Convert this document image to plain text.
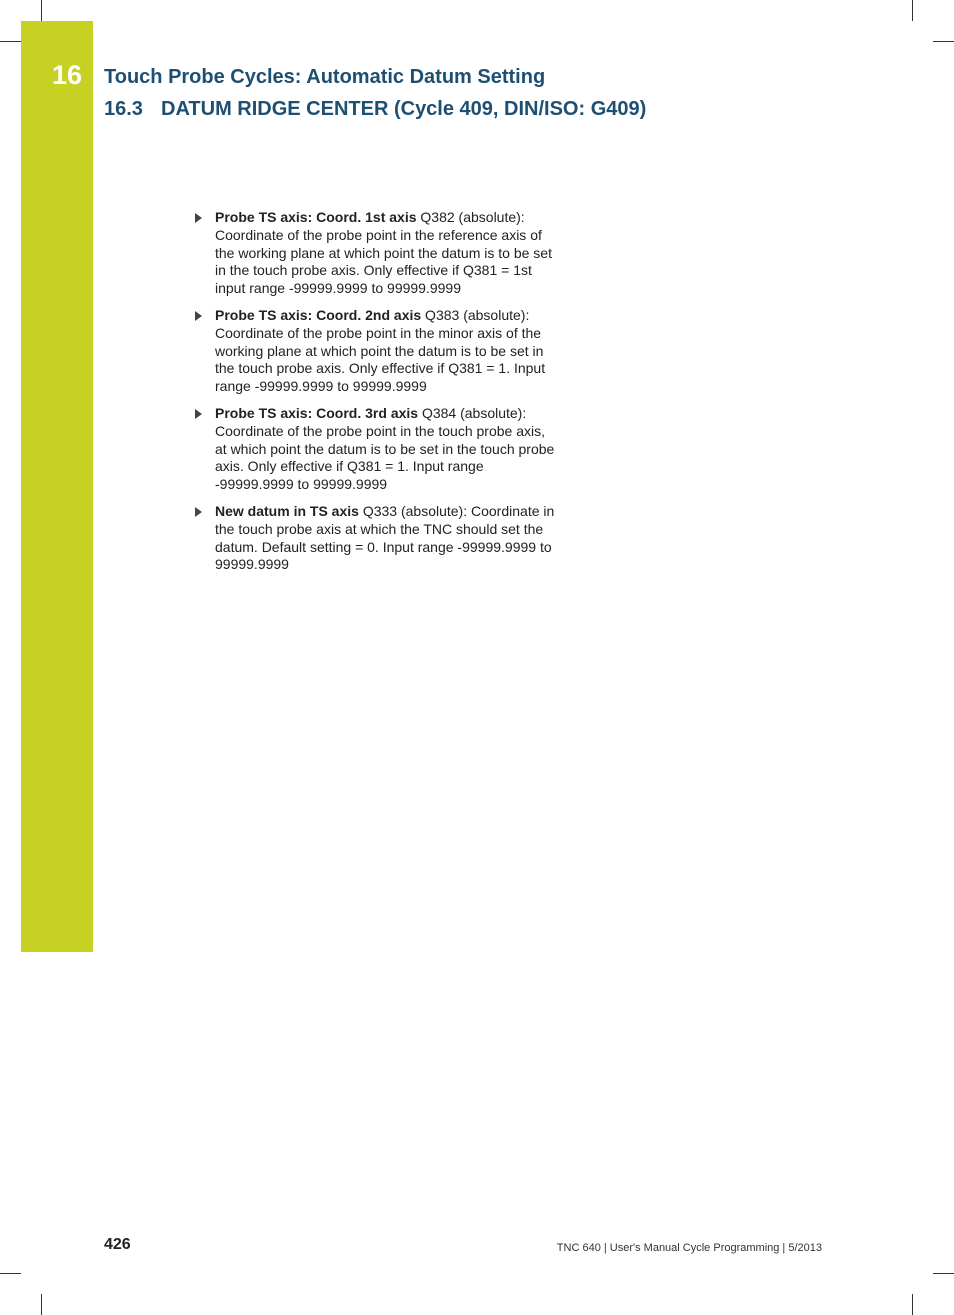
16 Touch Probe Cycles: Automatic Datum Setting
16.3 DATUM RIDGE CENTER (Cycle 409, DIN/ISO: G409)
Probe TS axis: Coord. 1st axis Q382 (absolute): Coordinate of the probe point in the reference axis of the working plane at which point the datum is to be set in the touch probe axis. Only effective if Q381 = 1st input range -99999.9999 to 99999.9999
Probe TS axis: Coord. 2nd axis Q383 (absolute): Coordinate of the probe point in the minor axis of the working plane at which point the datum is to be set in the touch probe axis. Only effective if Q381 = 1. Input range -99999.9999 to 99999.9999
Probe TS axis: Coord. 3rd axis Q384 (absolute): Coordinate of the probe point in the touch probe axis, at which point the datum is to be set in the touch probe axis. Only effective if Q381 = 1. Input range -99999.9999 to 99999.9999
New datum in TS axis Q333 (absolute): Coordinate in the touch probe axis at which the TNC should set the datum. Default setting = 0. Input range -99999.9999 to 99999.9999
426	TNC 640 | User's Manual Cycle Programming | 5/2013
